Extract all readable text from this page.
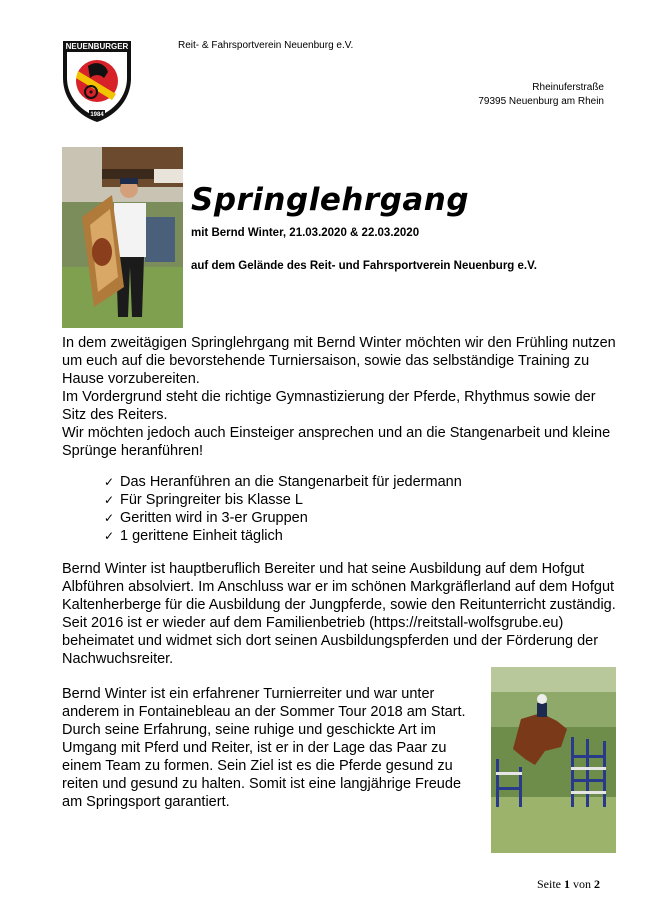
NEUENBURGER
1984
Reit- & Fahrsportverein Neuenburg e.V.
Rheinuferstraße
79395 Neuenburg am Rhein
Springlehrgang
mit Bernd Winter, 21.03.2020 & 22.03.2020
auf dem Gelände des Reit- und Fahrsportverein Neuenburg e.V.

In dem zweitägigen Springlehrgang mit Bernd Winter möchten wir den Frühling nutzen um euch auf die bevorstehende Turniersaison, sowie das selbständige Training zu Hause vorzubereiten.

Im Vordergrund steht die richtige Gymnastizierung der Pferde, Rhythmus sowie der Sitz des Reiters.

Wir möchten jedoch auch Einsteiger ansprechen und an die Stangenarbeit und kleine Sprünge heranführen!

✓ Das Heranführen an die Stangenarbeit für jedermann
✓ Für Springreiter bis Klasse L
✓ Geritten wird in 3-er Gruppen
✓ 1 gerittene Einheit täglich
Bernd Winter ist hauptberuflich Bereiter und hat seine Ausbildung auf dem Hofgut Albführen absolviert. Im Anschluss war er im schönen Markgräflerland auf dem Hofgut Kaltenherberge für die Ausbildung der Jungpferde, sowie den Reitunterricht zuständig. Seit 2016 ist er wieder auf dem Familienbetrieb (https://reitstall-wolfsgrube.eu) beheimatet und widmet sich dort seinen Ausbildungspferden und der Förderung der Nachwuchsreiter.

Bernd Winter ist ein erfahrener Turnierreiter und war unter anderem in Fontainebleau an der Sommer Tour 2018 am Start.

Durch seine Erfahrung, seine ruhige und geschickte Art im Umgang mit Pferd und Reiter, ist er in der Lage das Paar zu einem Team zu formen. Sein Ziel ist es die Pferde gesund zu reiten und gesund zu halten. Somit ist eine langjährige Freude am Springsport garantiert.

Seite 1 von 2
